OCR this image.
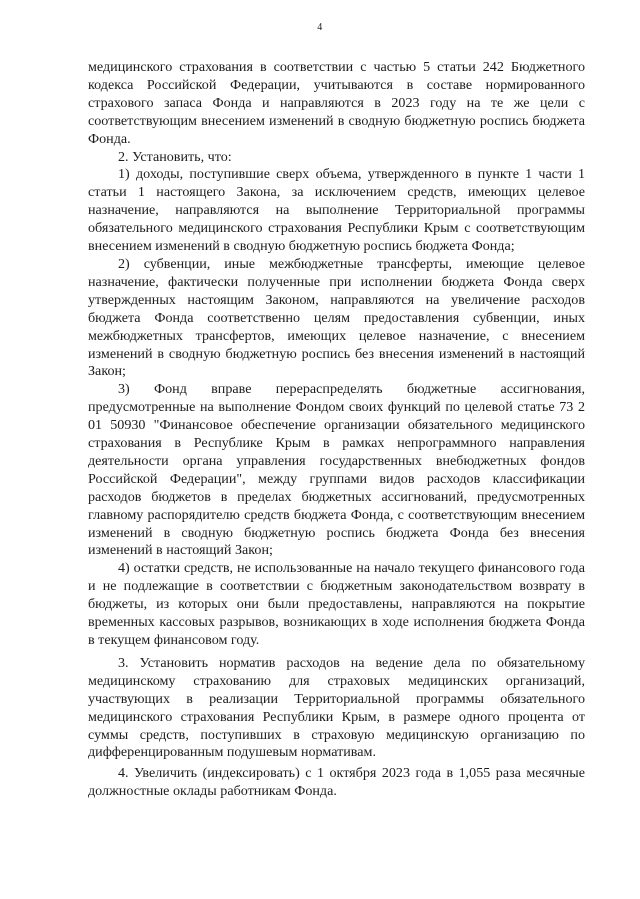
4

медицинского страхования в соответствии с частью 5 статьи 242 Бюджетного кодекса Российской Федерации, учитываются в составе нормированного страхового запаса Фонда и направляются в 2023 году на те же цели с соответствующим внесением изменений в сводную бюджетную роспись бюджета Фонда.

2. Установить, что:

1) доходы, поступившие сверх объема, утвержденного в пункте 1 части 1 статьи 1 настоящего Закона, за исключением средств, имеющих целевое назначение, направляются на выполнение Территориальной программы обязательного медицинского страхования Республики Крым с соответствующим внесением изменений в сводную бюджетную роспись бюджета Фонда;

2) субвенции, иные межбюджетные трансферты, имеющие целевое назначение, фактически полученные при исполнении бюджета Фонда сверх утвержденных настоящим Законом, направляются на увеличение расходов бюджета Фонда соответственно целям предоставления субвенции, иных межбюджетных трансфертов, имеющих целевое назначение, с внесением изменений в сводную бюджетную роспись без внесения изменений в настоящий Закон;

3) Фонд вправе перераспределять бюджетные ассигнования, предусмотренные на выполнение Фондом своих функций по целевой статье 73 2 01 50930 "Финансовое обеспечение организации обязательного медицинского страхования в Республике Крым в рамках непрограммного направления деятельности органа управления государственных внебюджетных фондов Российской Федерации", между группами видов расходов классификации расходов бюджетов в пределах бюджетных ассигнований, предусмотренных главному распорядителю средств бюджета Фонда, с соответствующим внесением изменений в сводную бюджетную роспись бюджета Фонда без внесения изменений в настоящий Закон;

4) остатки средств, не использованные на начало текущего финансового года и не подлежащие в соответствии с бюджетным законодательством возврату в бюджеты, из которых они были предоставлены, направляются на покрытие временных кассовых разрывов, возникающих в ходе исполнения бюджета Фонда в текущем финансовом году.

3. Установить норматив расходов на ведение дела по обязательному медицинскому страхованию для страховых медицинских организаций, участвующих в реализации Территориальной программы обязательного медицинского страхования Республики Крым, в размере одного процента от суммы средств, поступивших в страховую медицинскую организацию по дифференцированным подушевым нормативам.

4. Увеличить (индексировать) с 1 октября 2023 года в 1,055 раза месячные должностные оклады работникам Фонда.
